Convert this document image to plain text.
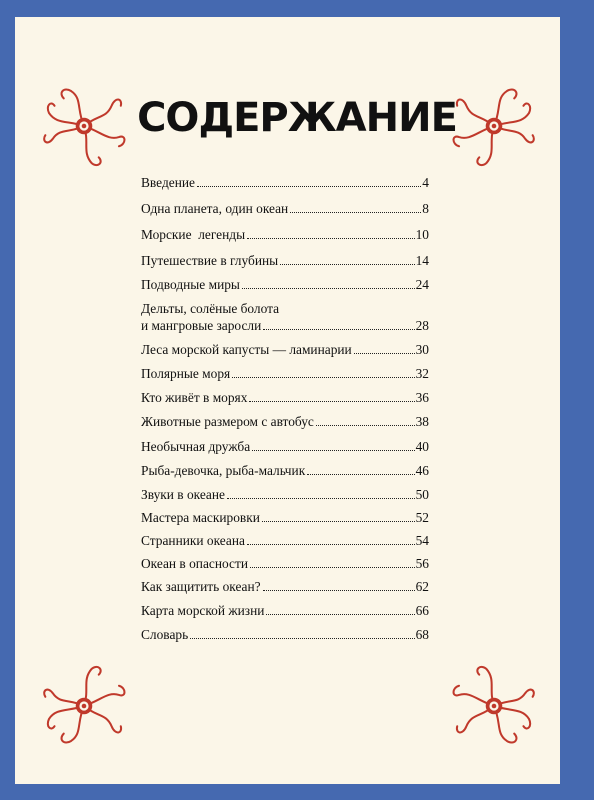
СОДЕРЖАНИЕ
Введение	4
Одна планета, один океан	8
Морские  легенды	10
Путешествие в глубины	14
Подводные миры	24
Дельты, солёные болота
и мангровые заросли	28
Леса морской капусты — ламинарии	30
Полярные моря	32
Кто живёт в морях	36
Животные размером с автобус	38
Необычная дружба	40
Рыба-девочка, рыба-мальчик	46
Звуки в океане	50
Мастера маскировки	52
Странники океана	54
Океан в опасности	56
Как защитить океан?	62
Карта морской жизни	66
Словарь	68
